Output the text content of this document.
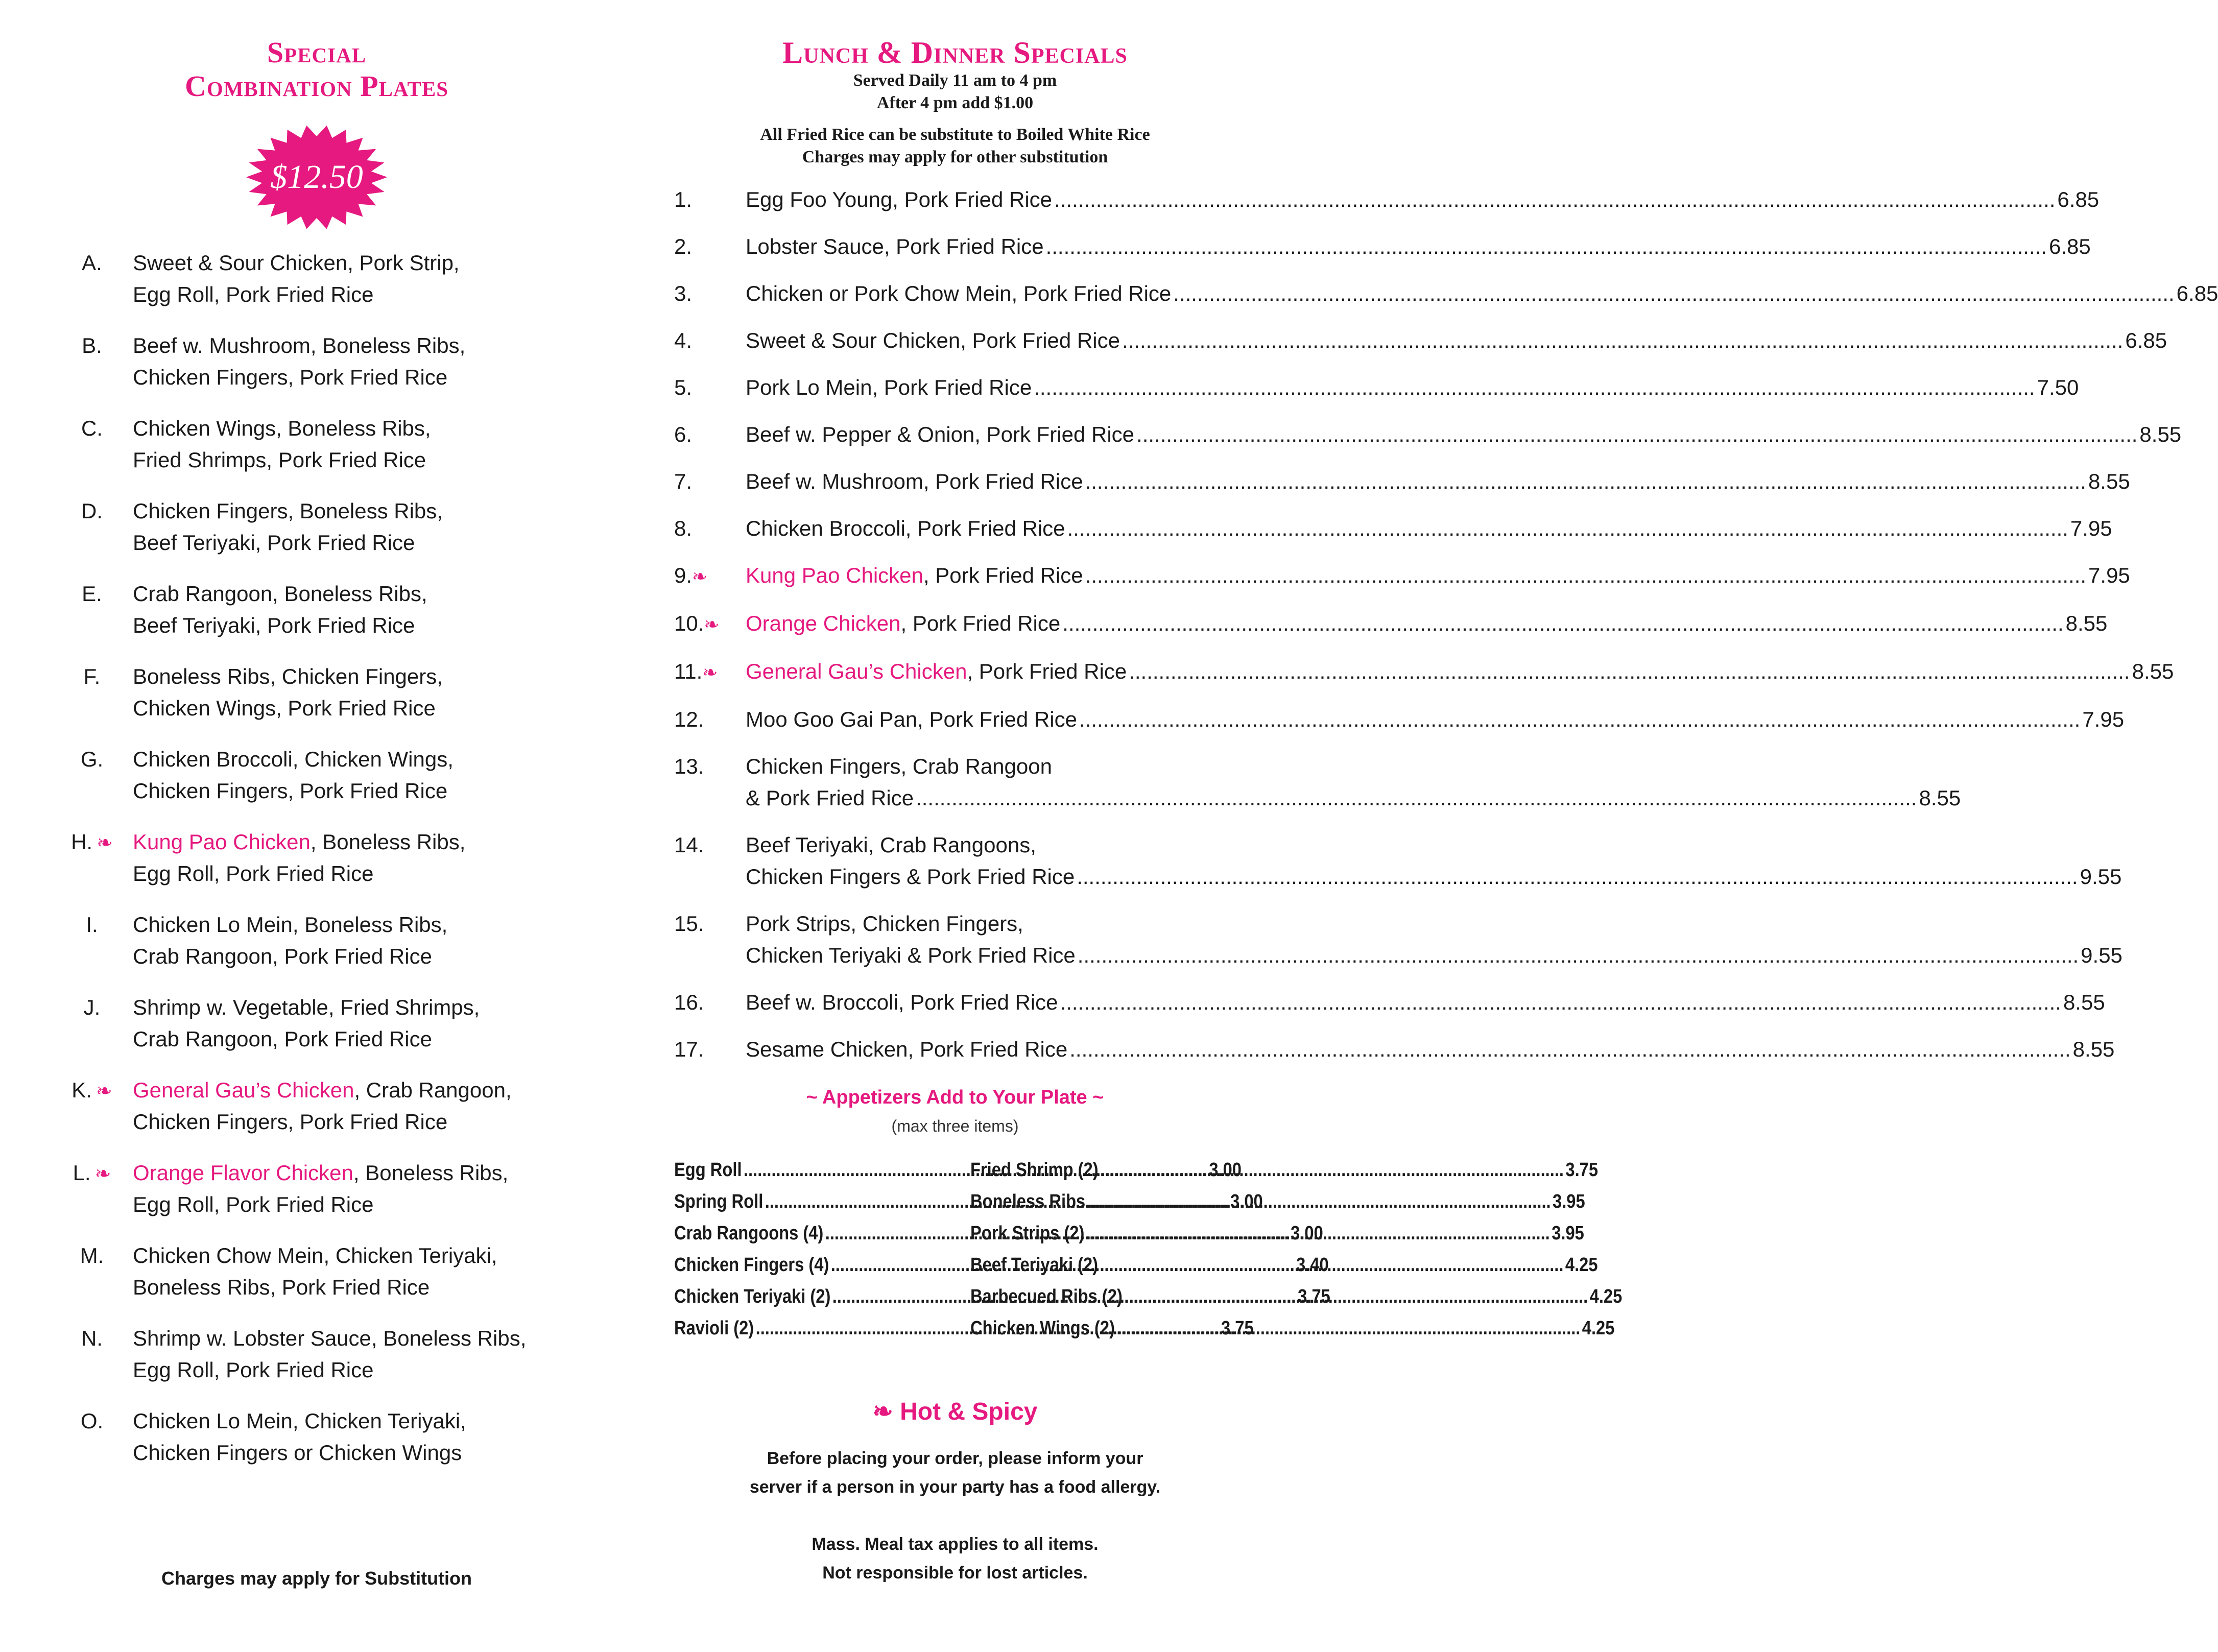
Special
Combination Plates
$12.50
A.	Sweet & Sour Chicken, Pork Strip,
Egg Roll, Pork Fried Rice
B.	Beef w. Mushroom, Boneless Ribs,
Chicken Fingers, Pork Fried Rice
C.	Chicken Wings, Boneless Ribs,
Fried Shrimps, Pork Fried Rice
D.	Chicken Fingers, Boneless Ribs,
Beef Teriyaki, Pork Fried Rice
E.	Crab Rangoon, Boneless Ribs,
Beef Teriyaki, Pork Fried Rice
F.	Boneless Ribs, Chicken Fingers,
Chicken Wings, Pork Fried Rice
G.	Chicken Broccoli, Chicken Wings,
Chicken Fingers, Pork Fried Rice
H. ❧ Kung Pao Chicken, Boneless Ribs,
Egg Roll, Pork Fried Rice
I.	Chicken Lo Mein, Boneless Ribs,
Crab Rangoon, Pork Fried Rice
J.	Shrimp w. Vegetable, Fried Shrimps,
Crab Rangoon, Pork Fried Rice
K. ❧ General Gau’s Chicken, Crab Rangoon,
Chicken Fingers, Pork Fried Rice
L. ❧	Orange Flavor Chicken, Boneless Ribs,
Egg Roll, Pork Fried Rice
M.	Chicken Chow Mein, Chicken Teriyaki,
Boneless Ribs, Pork Fried Rice
N.	Shrimp w. Lobster Sauce, Boneless Ribs,
Egg Roll, Pork Fried Rice
O.	Chicken Lo Mein, Chicken Teriyaki,
Chicken Fingers or Chicken Wings
Charges may apply for Substitution
Lunch & Dinner Specials
Served Daily 11 am to 4 pm
After 4 pm add $1.00
All Fried Rice can be substitute to Boiled White Rice
Charges may apply for other substitution
1.	Egg Foo Young, Pork Fried Rice .....	6.85
2.	Lobster Sauce, Pork Fried Rice .....	6.85
3.	Chicken or Pork Chow Mein, Pork Fried Rice .....	6.85
4.	Sweet & Sour Chicken, Pork Fried Rice .....	6.85
5.	Pork Lo Mein, Pork Fried Rice .....	7.50
6.	Beef w. Pepper & Onion, Pork Fried Rice .....	8.55
7.	Beef w. Mushroom, Pork Fried Rice .....	8.55
8.	Chicken Broccoli, Pork Fried Rice .....	7.95
9.❧	Kung Pao Chicken, Pork Fried Rice .....	7.95
10.❧	Orange Chicken, Pork Fried Rice .....	8.55
11.❧	General Gau’s Chicken, Pork Fried Rice .....	8.55
12.	Moo Goo Gai Pan, Pork Fried Rice .....	7.95
13.	Chicken Fingers, Crab Rangoon
& Pork Fried Rice .....	8.55
14.	Beef Teriyaki, Crab Rangoons,
Chicken Fingers & Pork Fried Rice .....	9.55
15.	Pork Strips, Chicken Fingers,
Chicken Teriyaki & Pork Fried Rice .....	9.55
16.	Beef w. Broccoli, Pork Fried Rice .....	8.55
17.	Sesame Chicken, Pork Fried Rice .....	8.55
~ Appetizers Add to Your Plate ~
(max three items)
Egg Roll .....	3.00
Spring Roll .....	3.00
Crab Rangoons (4) .....	3.00
Chicken Fingers (4) .....	3.40
Chicken Teriyaki (2) .....	3.75
Ravioli (2) .....	3.75
Fried Shrimp (2) .....	3.75
Boneless Ribs .....	3.95
Pork Strips (2) .....	3.95
Beef Teriyaki (2) .....	4.25
Barbecued Ribs (2) .....	4.25
Chicken Wings (2) .....	4.25
❧ Hot & Spicy
Before placing your order, please inform your
server if a person in your party has a food allergy.
Mass. Meal tax applies to all items.
Not responsible for lost articles.
